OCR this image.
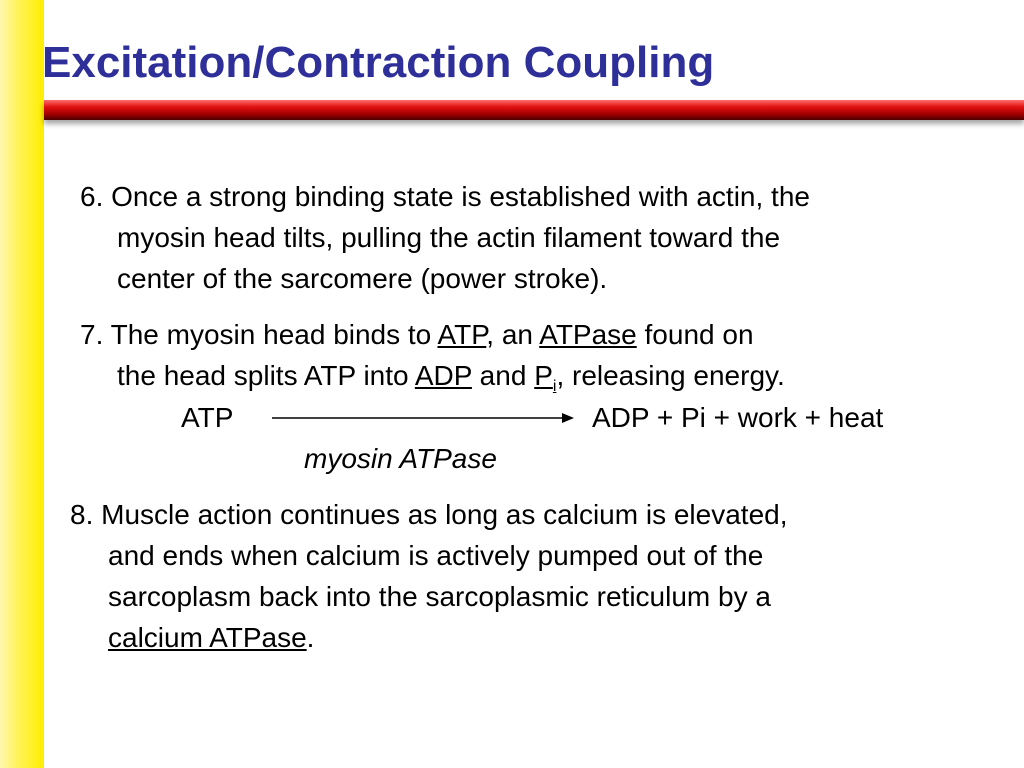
Excitation/Contraction Coupling
6. Once a strong binding state is established with actin, the
myosin head tilts, pulling the actin filament toward the
center of the sarcomere (power stroke).
7. The myosin head binds to ATP, an ATPase found on
the head splits ATP into ADP and $P_i$, releasing energy.
ATP	ADP + Pi + work + heat
myosin ATPase
8. Muscle action continues as long as calcium is elevated,
and ends when calcium is actively pumped out of the
sarcoplasm back into the sarcoplasmic reticulum by a
calcium ATPase.
